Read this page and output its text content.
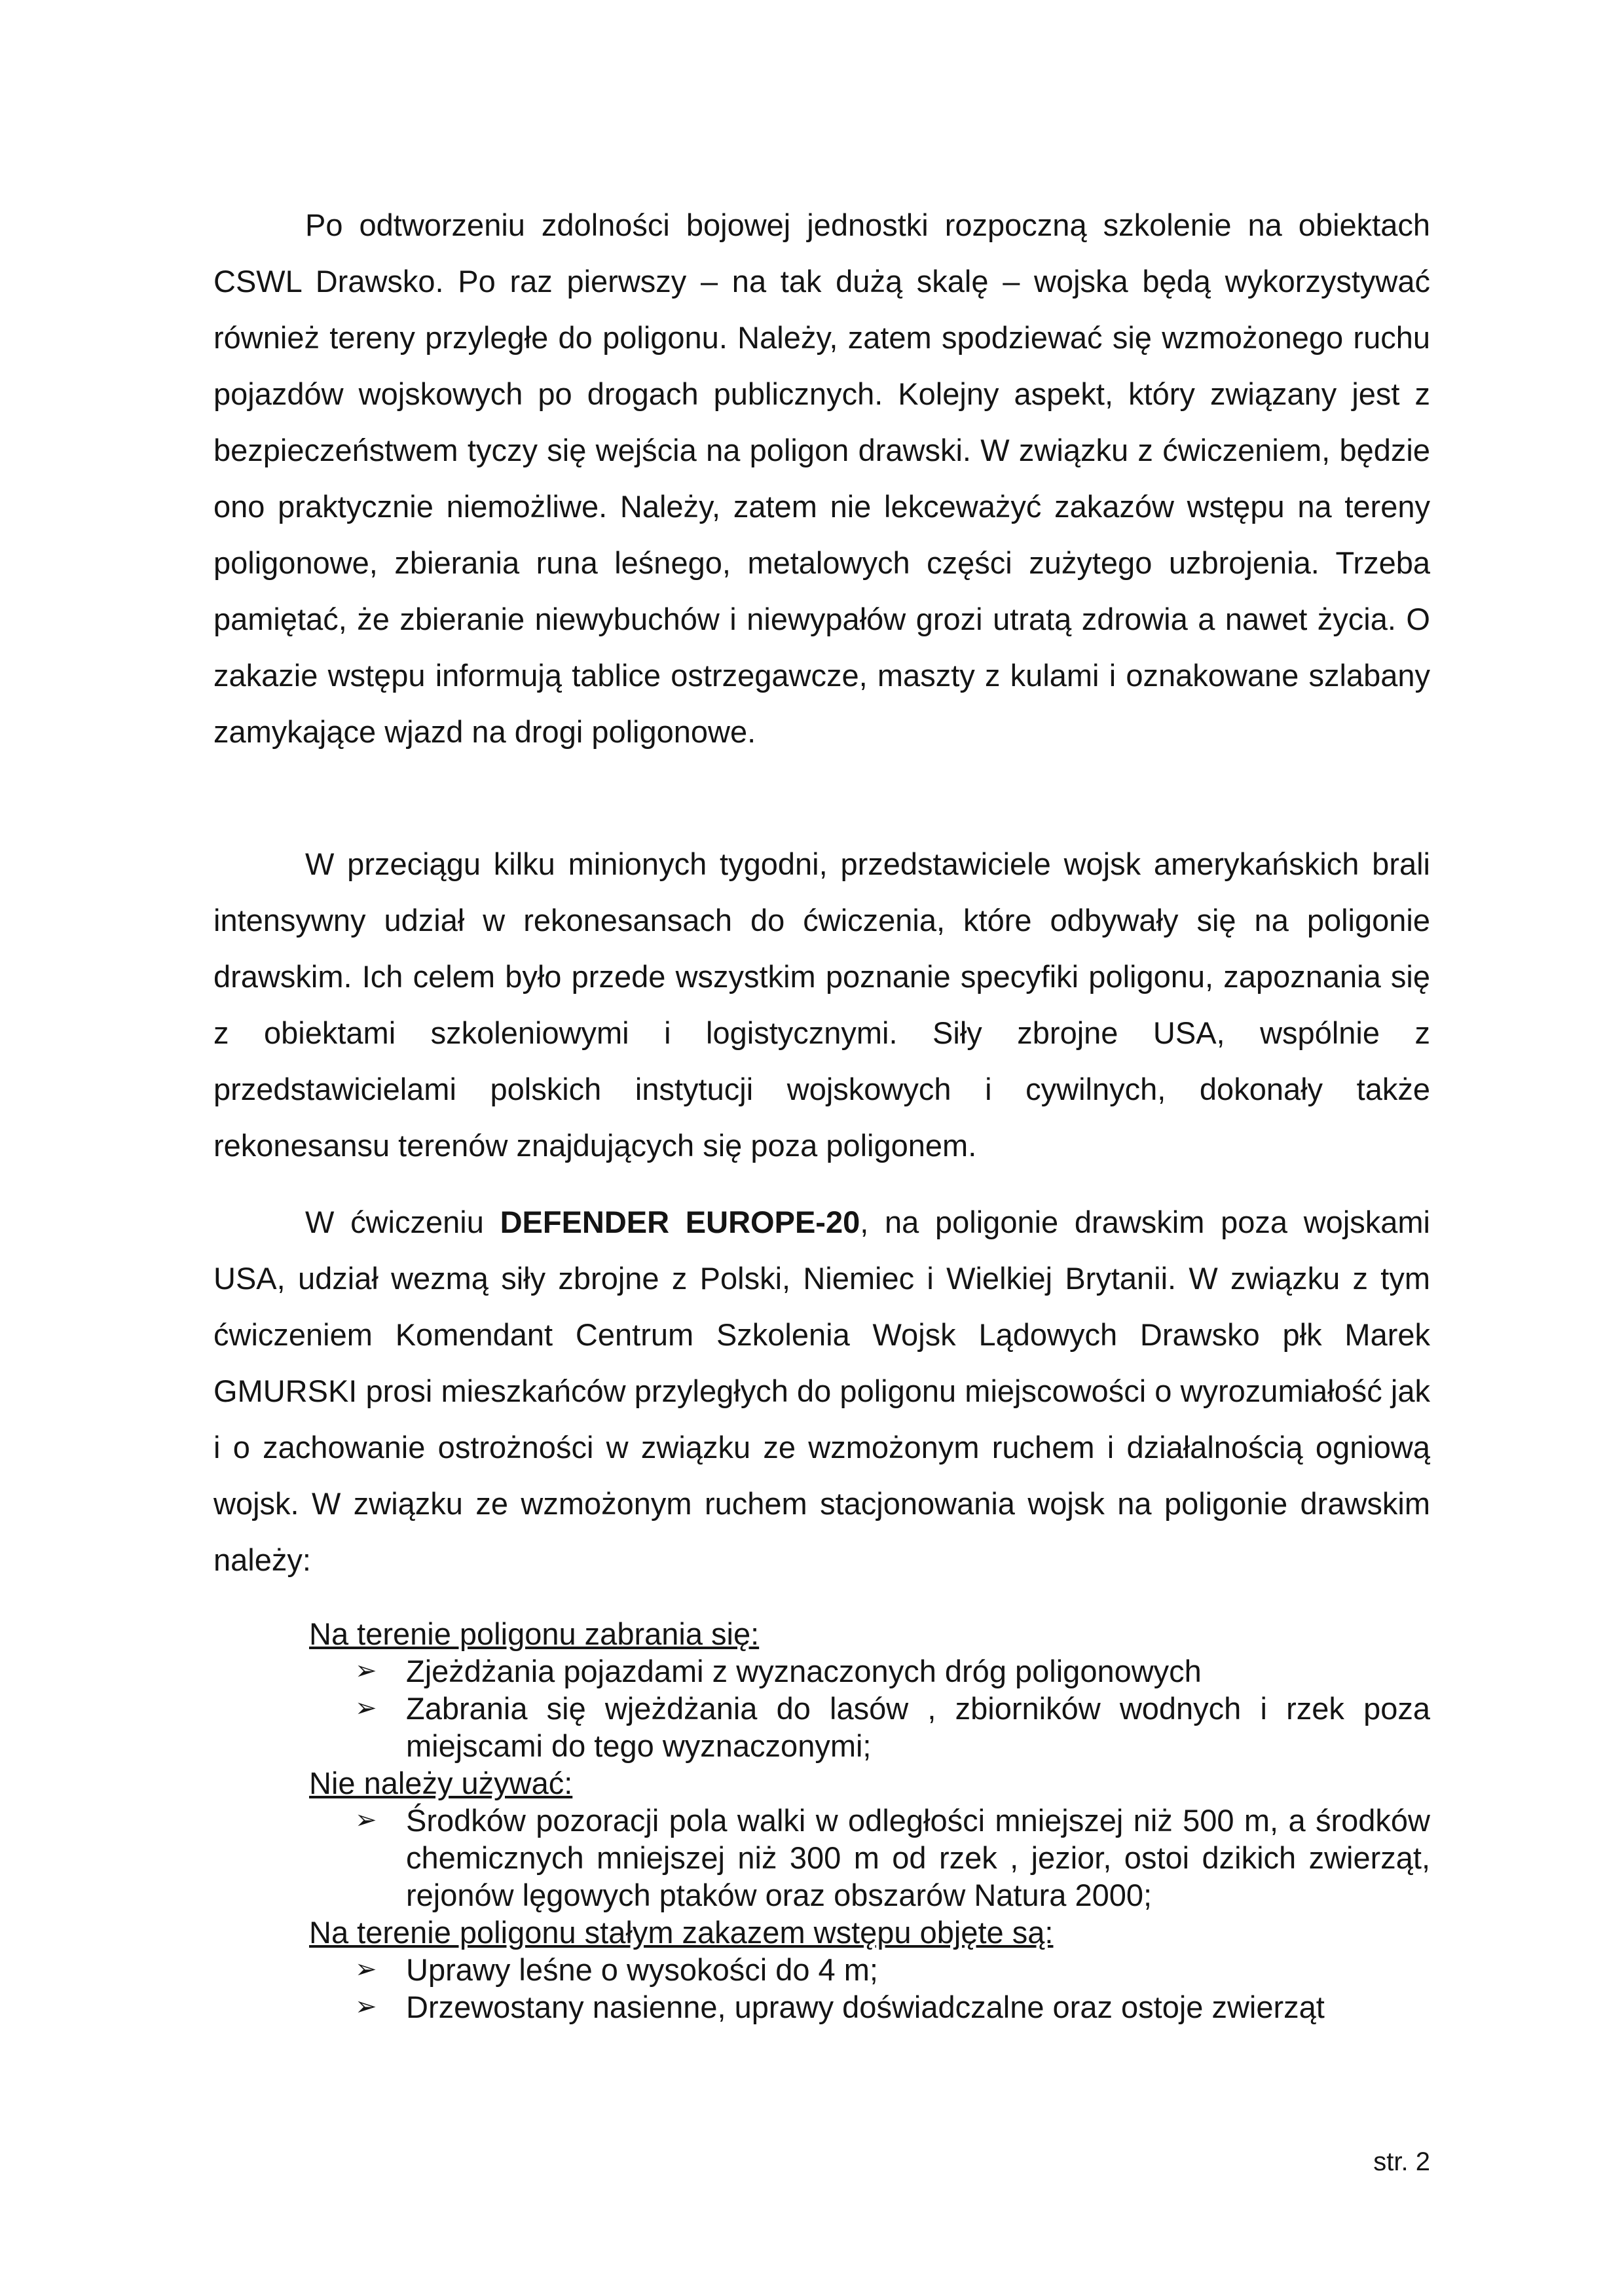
Po odtworzeniu zdolności bojowej jednostki rozpoczną szkolenie na obiektach CSWL Drawsko. Po raz pierwszy – na tak dużą skalę – wojska będą wykorzystywać również tereny przyległe do poligonu. Należy, zatem spodziewać się wzmożonego ruchu pojazdów wojskowych po drogach publicznych. Kolejny aspekt, który związany jest z bezpieczeństwem tyczy się wejścia na poligon drawski. W związku z ćwiczeniem, będzie ono praktycznie niemożliwe. Należy, zatem nie lekceważyć zakazów wstępu na tereny poligonowe, zbierania runa leśnego, metalowych części zużytego uzbrojenia. Trzeba pamiętać, że zbieranie niewybuchów i niewypałów grozi utratą zdrowia a nawet życia. O zakazie wstępu informują tablice ostrzegawcze, maszty z kulami i oznakowane szlabany zamykające wjazd na drogi poligonowe.

W przeciągu kilku minionych tygodni, przedstawiciele wojsk amerykańskich brali intensywny udział w rekonesansach do ćwiczenia, które odbywały się na poligonie drawskim. Ich celem było przede wszystkim poznanie specyfiki poligonu, zapoznania się z obiektami szkoleniowymi i logistycznymi. Siły zbrojne USA, wspólnie z przedstawicielami polskich instytucji wojskowych i cywilnych, dokonały także rekonesansu terenów znajdujących się poza poligonem.

W ćwiczeniu DEFENDER EUROPE-20, na poligonie drawskim poza wojskami USA, udział wezmą siły zbrojne z Polski, Niemiec i Wielkiej Brytanii. W związku z tym ćwiczeniem Komendant Centrum Szkolenia Wojsk Lądowych Drawsko płk Marek GMURSKI prosi mieszkańców przyległych do poligonu miejscowości o wyrozumiałość jak i o zachowanie ostrożności w związku ze wzmożonym ruchem i działalnością ogniową wojsk. W związku ze wzmożonym ruchem stacjonowania wojsk na poligonie drawskim należy:

Na terenie poligonu zabrania się:

➢ Zjeżdżania pojazdami z wyznaczonych dróg poligonowych

➢ Zabrania się wjeżdżania do lasów , zbiorników wodnych i rzek poza miejscami do tego wyznaczonymi;

Nie należy używać:

➢ Środków pozoracji pola walki w odległości mniejszej niż 500 m, a środków chemicznych mniejszej niż 300 m od rzek , jezior, ostoi dzikich zwierząt, rejonów lęgowych ptaków oraz obszarów Natura 2000;

Na terenie poligonu stałym zakazem wstępu objęte są:

➢ Uprawy leśne o wysokości do 4 m;

➢ Drzewostany nasienne, uprawy doświadczalne oraz ostoje zwierząt

str. 2
